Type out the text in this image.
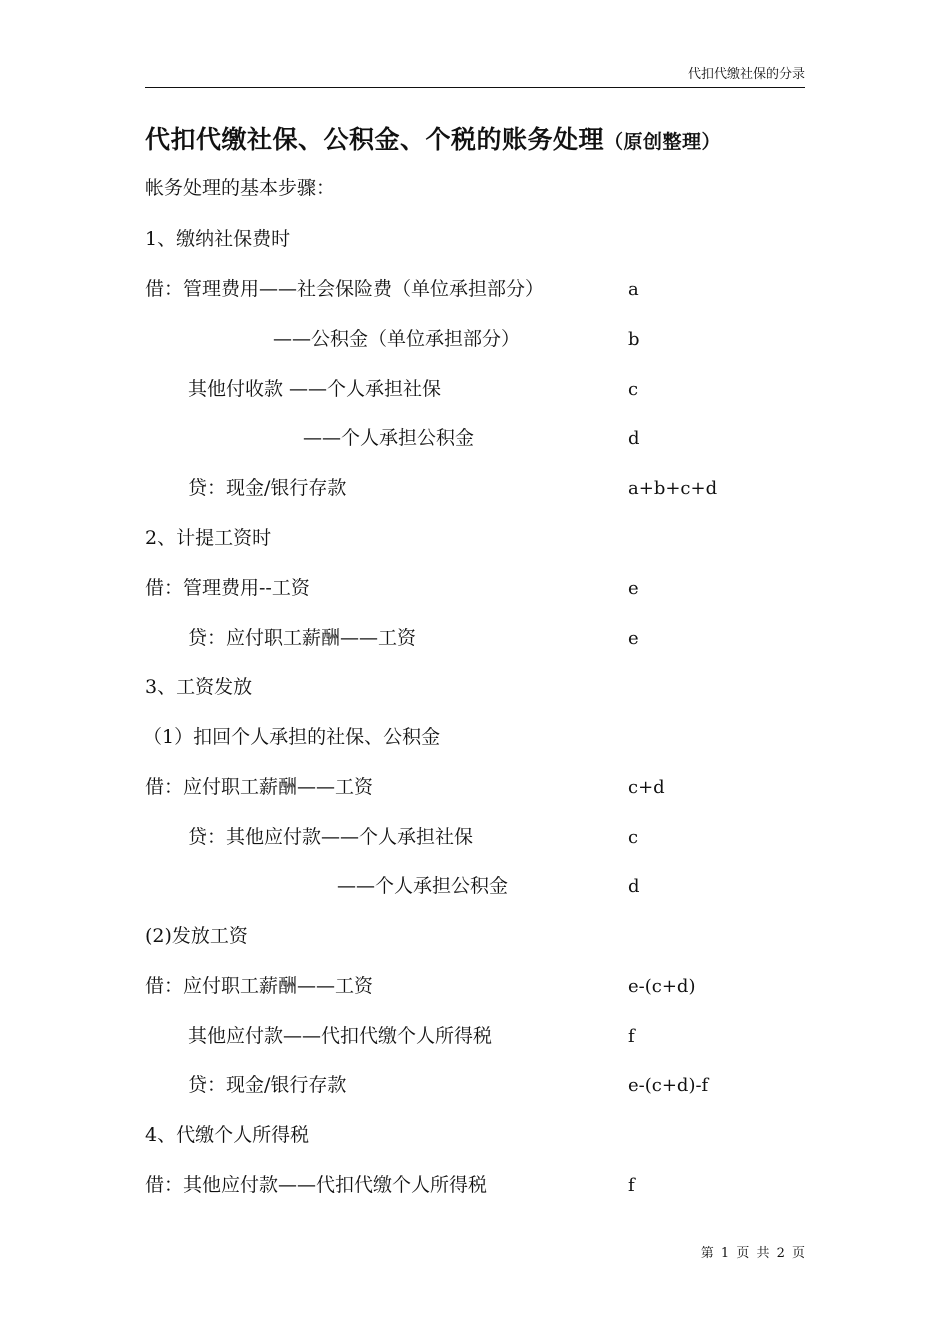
代扣代缴社保的分录
代扣代缴社保、公积金、个税的账务处理（原创整理）
帐务处理的基本步骤：
1、缴纳社保费时
借：管理费用——社会保险费（单位承担部分）	a
——公积金（单位承担部分）	b
其他付收款 ——个人承担社保	c
——个人承担公积金	d
贷：现金/银行存款	a+b+c+d
2、计提工资时
借：管理费用--工资	e
贷：应付职工薪酬——工资	e
3、工资发放
（1）扣回个人承担的社保、公积金
借：应付职工薪酬——工资	c+d
贷：其他应付款——个人承担社保	c
——个人承担公积金	d
(2)发放工资
借：应付职工薪酬——工资	e-(c+d)
其他应付款——代扣代缴个人所得税	f
贷：现金/银行存款	e-(c+d)-f
4、代缴个人所得税
借：其他应付款——代扣代缴个人所得税	f
第 1 页 共 2 页
